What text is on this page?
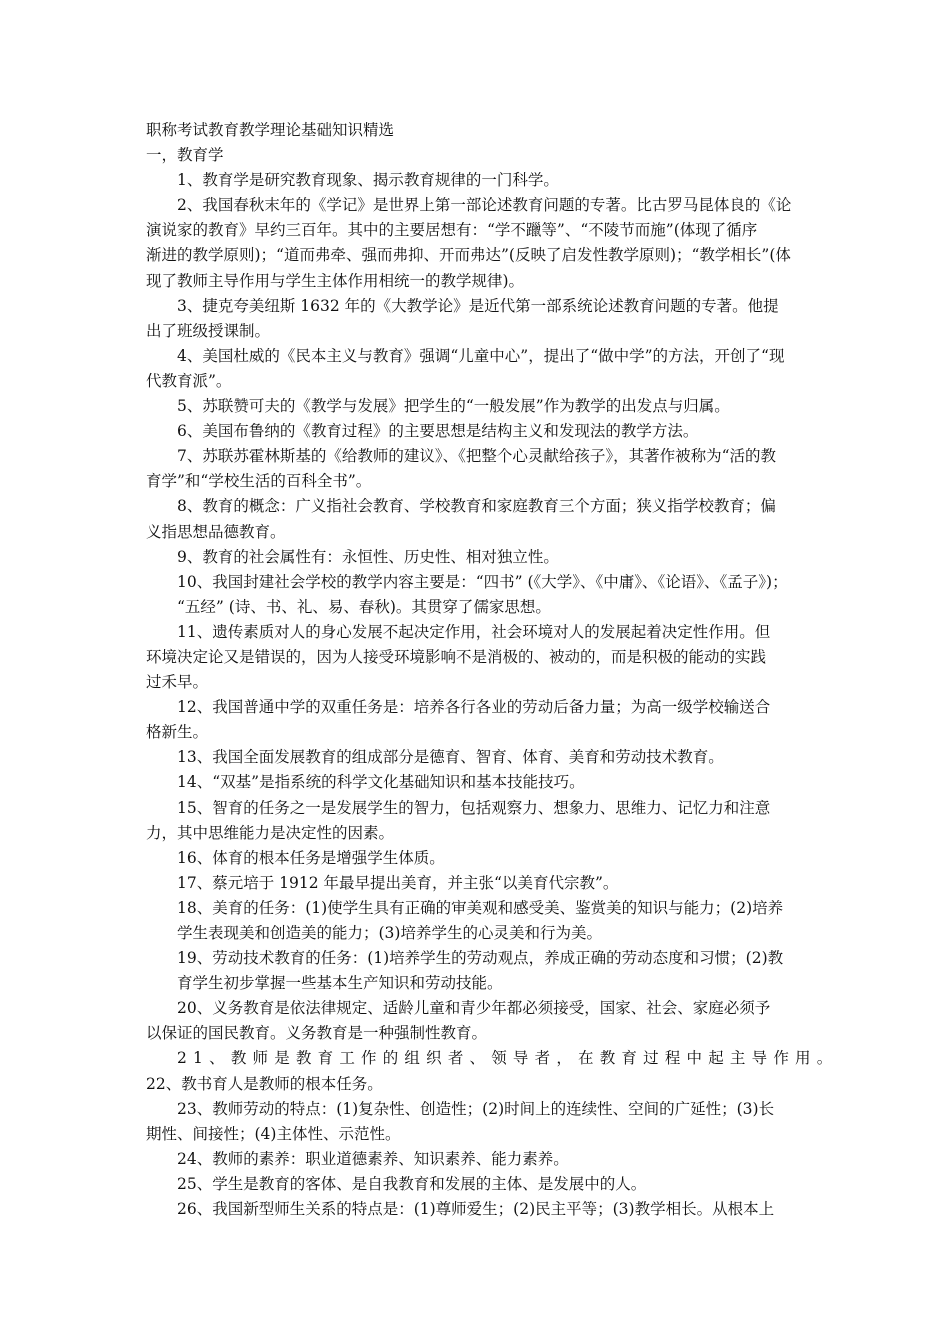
职称考试教育教学理论基础知识精选
一，教育学
1、教育学是研究教育现象、揭示教育规律的一门科学。
2、我国春秋末年的《学记》是世界上第一部论述教育问题的专著。比古罗马昆体良的《论
演说家的教育》早约三百年。其中的主要居想有：“学不躐等”、“不陵节而施”(体现了循序
渐进的教学原则)；“道而弗牵、强而弗抑、开而弗达”(反映了启发性教学原则)；“教学相长”(体
现了教师主导作用与学生主体作用相统一的教学规律)。
3、捷克夸美纽斯 1632 年的《大教学论》是近代第一部系统论述教育问题的专著。他提
出了班级授课制。
4、美国杜威的《民本主义与教育》强调“儿童中心”，提出了“做中学”的方法，开创了“现
代教育派”。
5、苏联赞可夫的《教学与发展》把学生的“一般发展”作为教学的出发点与归属。
6、美国布鲁纳的《教育过程》的主要思想是结构主义和发现法的教学方法。
7、苏联苏霍林斯基的《给教师的建议》、《把整个心灵献给孩子》，其著作被称为“活的教
育学”和“学校生活的百科全书”。
8、教育的概念：广义指社会教育、学校教育和家庭教育三个方面；狭义指学校教育；偏
义指思想品德教育。
9、教育的社会属性有：永恒性、历史性、相对独立性。
10、我国封建社会学校的教学内容主要是：“四书” (《大学》、《中庸》、《论语》、《孟子》)；
“五经” (诗、书、礼、易、春秋)。其贯穿了儒家思想。
11、遗传素质对人的身心发展不起决定作用，社会环境对人的发展起着决定性作用。但
环境决定论又是错误的，因为人接受环境影响不是消极的、被动的，而是积极的能动的实践
过禾早。
12、我国普通中学的双重任务是：培养各行各业的劳动后备力量；为高一级学校输送合
格新生。
13、我国全面发展教育的组成部分是德育、智育、体育、美育和劳动技术教育。
14、“双基”是指系统的科学文化基础知识和基本技能技巧。
15、智育的任务之一是发展学生的智力，包括观察力、想象力、思维力、记忆力和注意
力，其中思维能力是决定性的因素。
16、体育的根本任务是增强学生体质。
17、蔡元培于 1912 年最早提出美育，并主张“以美育代宗教”。
18、美育的任务：(1)使学生具有正确的审美观和感受美、鉴赏美的知识与能力；(2)培养
学生表现美和创造美的能力；(3)培养学生的心灵美和行为美。
19、劳动技术教育的任务：(1)培养学生的劳动观点，养成正确的劳动态度和习惯；(2)教
育学生初步掌握一些基本生产知识和劳动技能。
20、义务教育是依法律规定、适龄儿童和青少年都必须接受，国家、社会、家庭必须予
以保证的国民教育。义务教育是一种强制性教育。
21、教师是教育工作的组织者、领导者，在教育过程中起主导作用。
22、教书育人是教师的根本任务。
23、教师劳动的特点：(1)复杂性、创造性；(2)时间上的连续性、空间的广延性；(3)长
期性、间接性；(4)主体性、示范性。
24、教师的素养：职业道德素养、知识素养、能力素养。
25、学生是教育的客体、是自我教育和发展的主体、是发展中的人。
26、我国新型师生关系的特点是：(1)尊师爱生；(2)民主平等；(3)教学相长。从根本上
